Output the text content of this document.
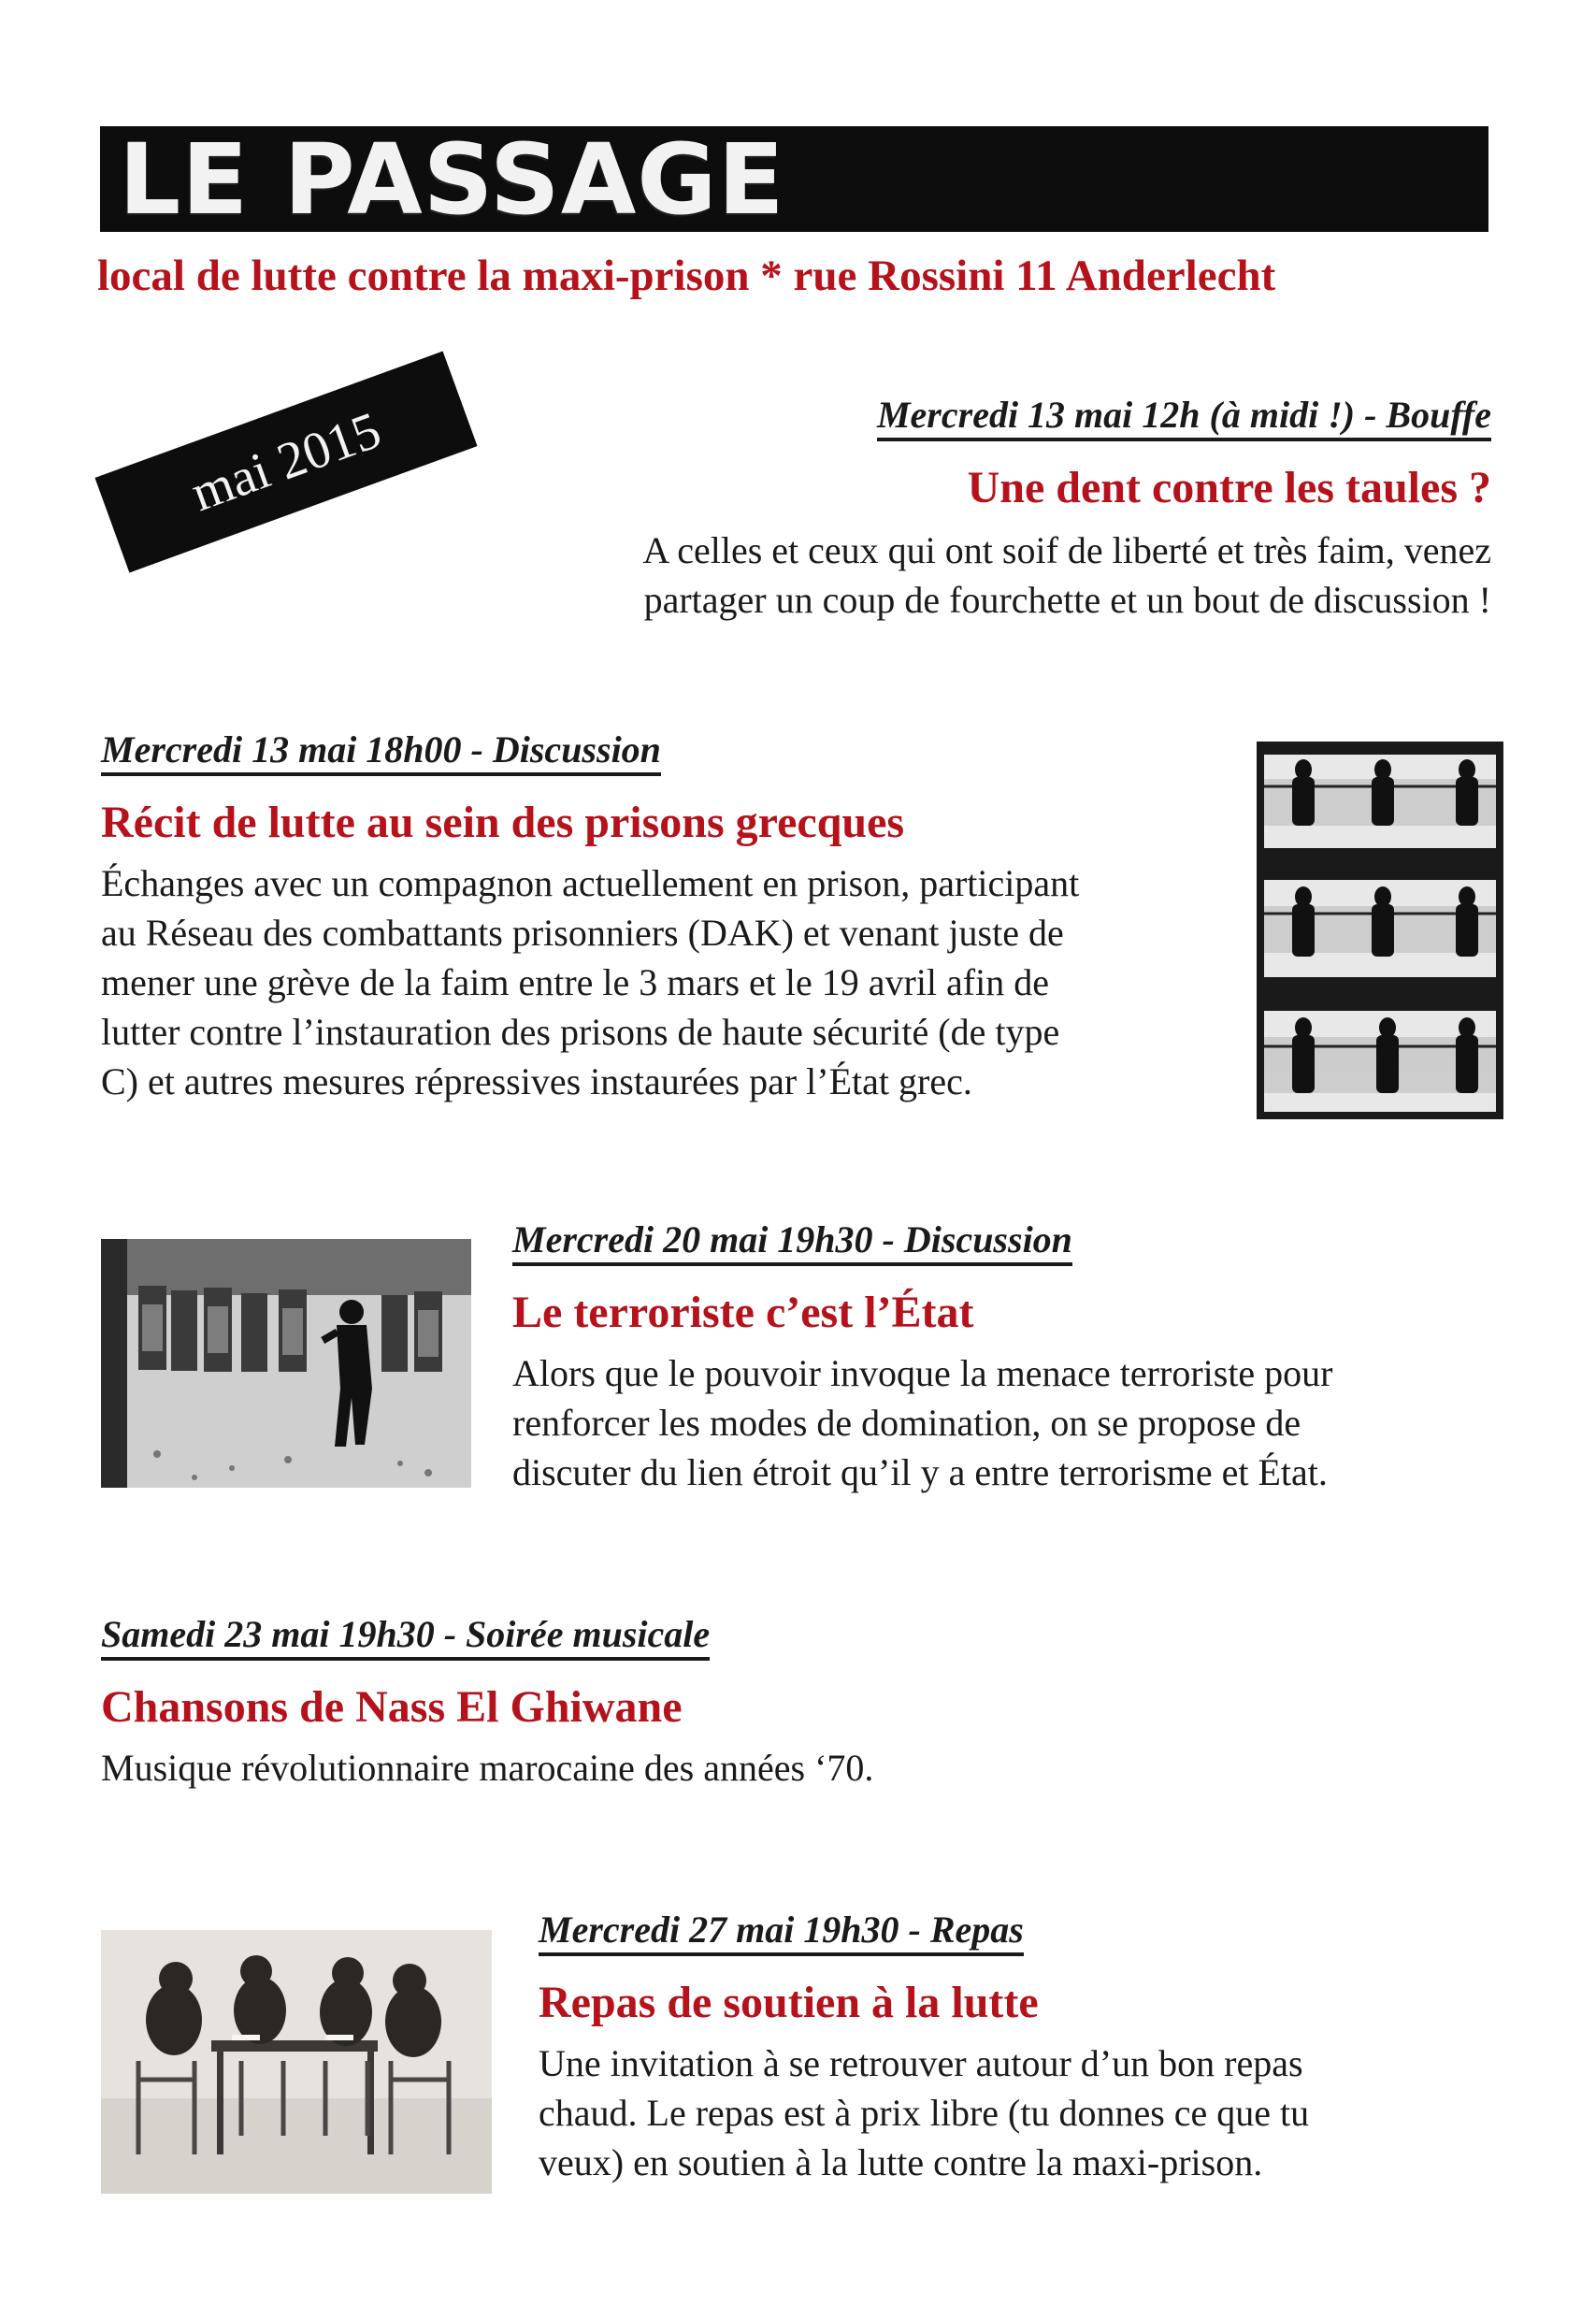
LE PASSAGE
local de lutte contre la maxi-prison * rue Rossini 11 Anderlecht
mai 2015	Mercredi 13 mai 12h (à midi !) - Bouffe
Une dent contre les taules ?
A celles et ceux qui ont soif de liberté et très faim, venez
partager un coup de fourchette et un bout de discussion !
Mercredi 13 mai 18h00 - Discussion
Récit de lutte au sein des prisons grecques
Échanges avec un compagnon actuellement en prison, participant
au Réseau des combattants prisonniers (DAK) et venant juste de
mener une grève de la faim entre le 3 mars et le 19 avril afin de
lutter contre l’instauration des prisons de haute sécurité (de type
C) et autres mesures répressives instaurées par l’État grec.
Mercredi 20 mai 19h30 - Discussion
Le terroriste c’est l’État
Alors que le pouvoir invoque la menace terroriste pour
renforcer les modes de domination, on se propose de
discuter du lien étroit qu’il y a entre terrorisme et État.
Samedi 23 mai 19h30 - Soirée musicale
Chansons de Nass El Ghiwane
Musique révolutionnaire marocaine des années ‘70.
Mercredi 27 mai 19h30 - Repas
Repas de soutien à la lutte
Une invitation à se retrouver autour d’un bon repas
chaud. Le repas est à prix libre (tu donnes ce que tu
veux) en soutien à la lutte contre la maxi-prison.
